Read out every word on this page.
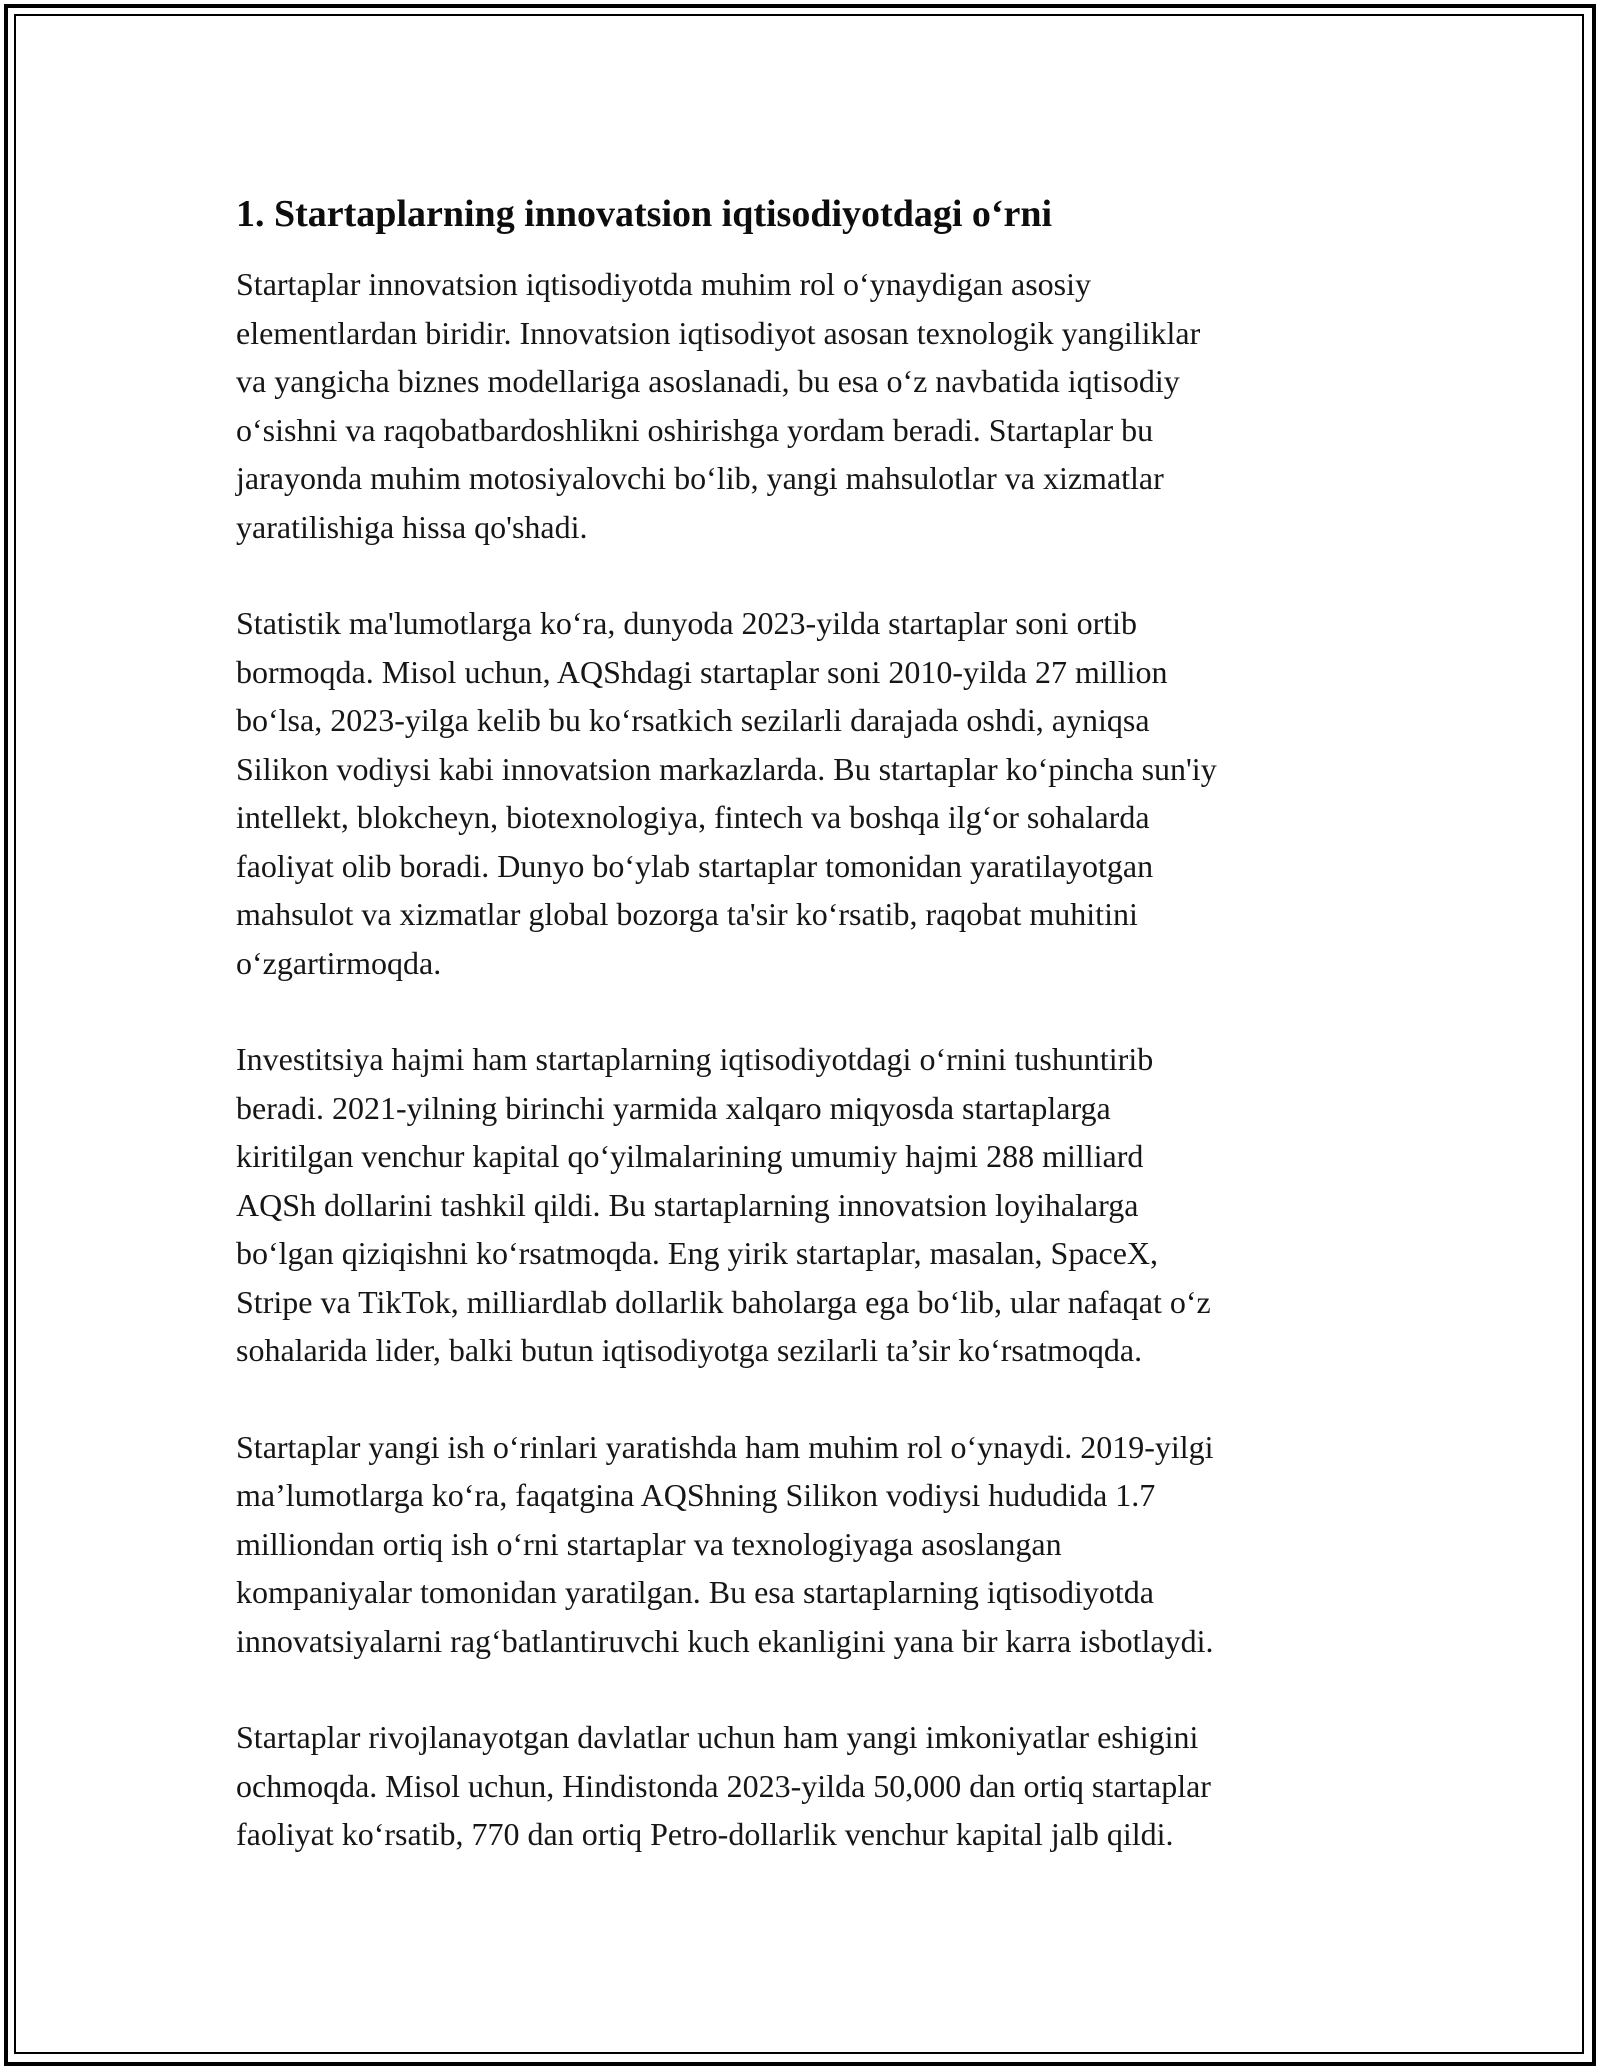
1. Startaplarning innovatsion iqtisodiyotdagi o‘rni

Startaplar innovatsion iqtisodiyotda muhim rol o‘ynaydigan asosiy
elementlardan biridir. Innovatsion iqtisodiyot asosan texnologik yangiliklar
va yangicha biznes modellariga asoslanadi, bu esa o‘z navbatida iqtisodiy
o‘sishni va raqobatbardoshlikni oshirishga yordam beradi. Startaplar bu
jarayonda muhim motosiyalovchi bo‘lib, yangi mahsulotlar va xizmatlar
yaratilishiga hissa qo'shadi.

Statistik ma'lumotlarga ko‘ra, dunyoda 2023-yilda startaplar soni ortib
bormoqda. Misol uchun, AQShdagi startaplar soni 2010-yilda 27 million
bo‘lsa, 2023-yilga kelib bu ko‘rsatkich sezilarli darajada oshdi, ayniqsa
Silikon vodiysi kabi innovatsion markazlarda. Bu startaplar ko‘pincha sun'iy
intellekt, blokcheyn, biotexnologiya, fintech va boshqa ilg‘or sohalarda
faoliyat olib boradi. Dunyo bo‘ylab startaplar tomonidan yaratilayotgan
mahsulot va xizmatlar global bozorga ta'sir ko‘rsatib, raqobat muhitini
o‘zgartirmoqda.

Investitsiya hajmi ham startaplarning iqtisodiyotdagi o‘rnini tushuntirib
beradi. 2021-yilning birinchi yarmida xalqaro miqyosda startaplarga
kiritilgan venchur kapital qo‘yilmalarining umumiy hajmi 288 milliard
AQSh dollarini tashkil qildi. Bu startaplarning innovatsion loyihalarga
bo‘lgan qiziqishni ko‘rsatmoqda. Eng yirik startaplar, masalan, SpaceX,
Stripe va TikTok, milliardlab dollarlik baholarga ega bo‘lib, ular nafaqat o‘z
sohalarida lider, balki butun iqtisodiyotga sezilarli ta’sir ko‘rsatmoqda.

Startaplar yangi ish o‘rinlari yaratishda ham muhim rol o‘ynaydi. 2019-yilgi
ma’lumotlarga ko‘ra, faqatgina AQShning Silikon vodiysi hududida 1.7
milliondan ortiq ish o‘rni startaplar va texnologiyaga asoslangan
kompaniyalar tomonidan yaratilgan. Bu esa startaplarning iqtisodiyotda
innovatsiyalarni rag‘batlantiruvchi kuch ekanligini yana bir karra isbotlaydi.

Startaplar rivojlanayotgan davlatlar uchun ham yangi imkoniyatlar eshigini
ochmoqda. Misol uchun, Hindistonda 2023-yilda 50,000 dan ortiq startaplar
faoliyat ko‘rsatib, 770 dan ortiq Petro-dollarlik venchur kapital jalb qildi.
